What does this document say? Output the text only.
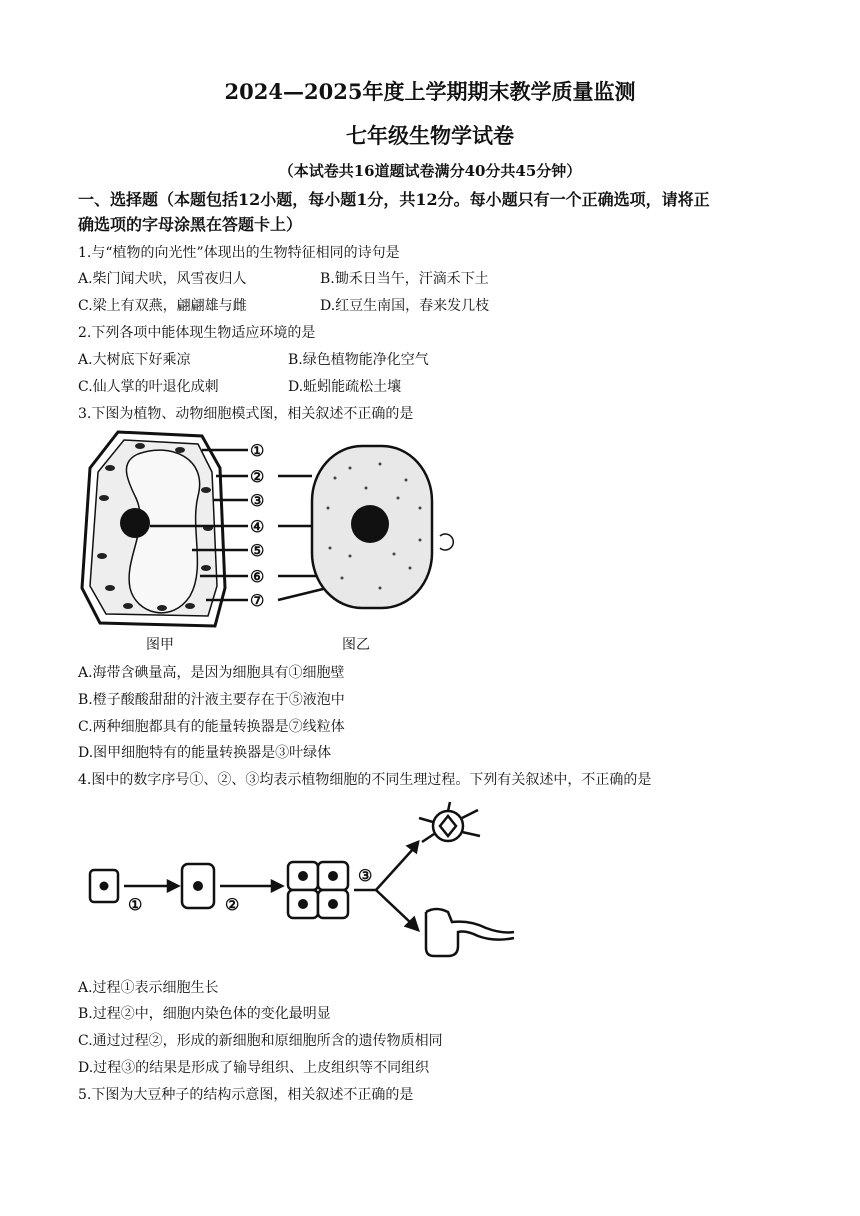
2024—2025年度上学期期末教学质量监测
七年级生物学试卷
（本试卷共16道题试卷满分40分共45分钟）
一、选择题（本题包括12小题，每小题1分，共12分。每小题只有一个正确选项，请将正
确选项的字母涂黑在答题卡上）
1.与“植物的向光性”体现出的生物特征相同的诗句是
A.柴门闻犬吠，风雪夜归人	B.锄禾日当午，汗滴禾下土
C.梁上有双燕，翩翩雄与雌	D.红豆生南国，春来发几枝
2.下列各项中能体现生物适应环境的是
A.大树底下好乘凉	B.绿色植物能净化空气
C.仙人掌的叶退化成刺	D.蚯蚓能疏松土壤
3.下图为植物、动物细胞模式图，相关叙述不正确的是
①
②
③
④
⑤
⑥
⑦
图甲	图乙
A.海带含碘量高，是因为细胞具有①细胞壁
B.橙子酸酸甜甜的汁液主要存在于⑤液泡中
C.两种细胞都具有的能量转换器是⑦线粒体
D.图甲细胞特有的能量转换器是③叶绿体
4.图中的数字序号①、②、③均表示植物细胞的不同生理过程。下列有关叙述中，不正确的是
①	②
③
A.过程①表示细胞生长
B.过程②中，细胞内染色体的变化最明显
C.通过过程②，形成的新细胞和原细胞所含的遗传物质相同
D.过程③的结果是形成了输导组织、上皮组织等不同组织
5.下图为大豆种子的结构示意图，相关叙述不正确的是
